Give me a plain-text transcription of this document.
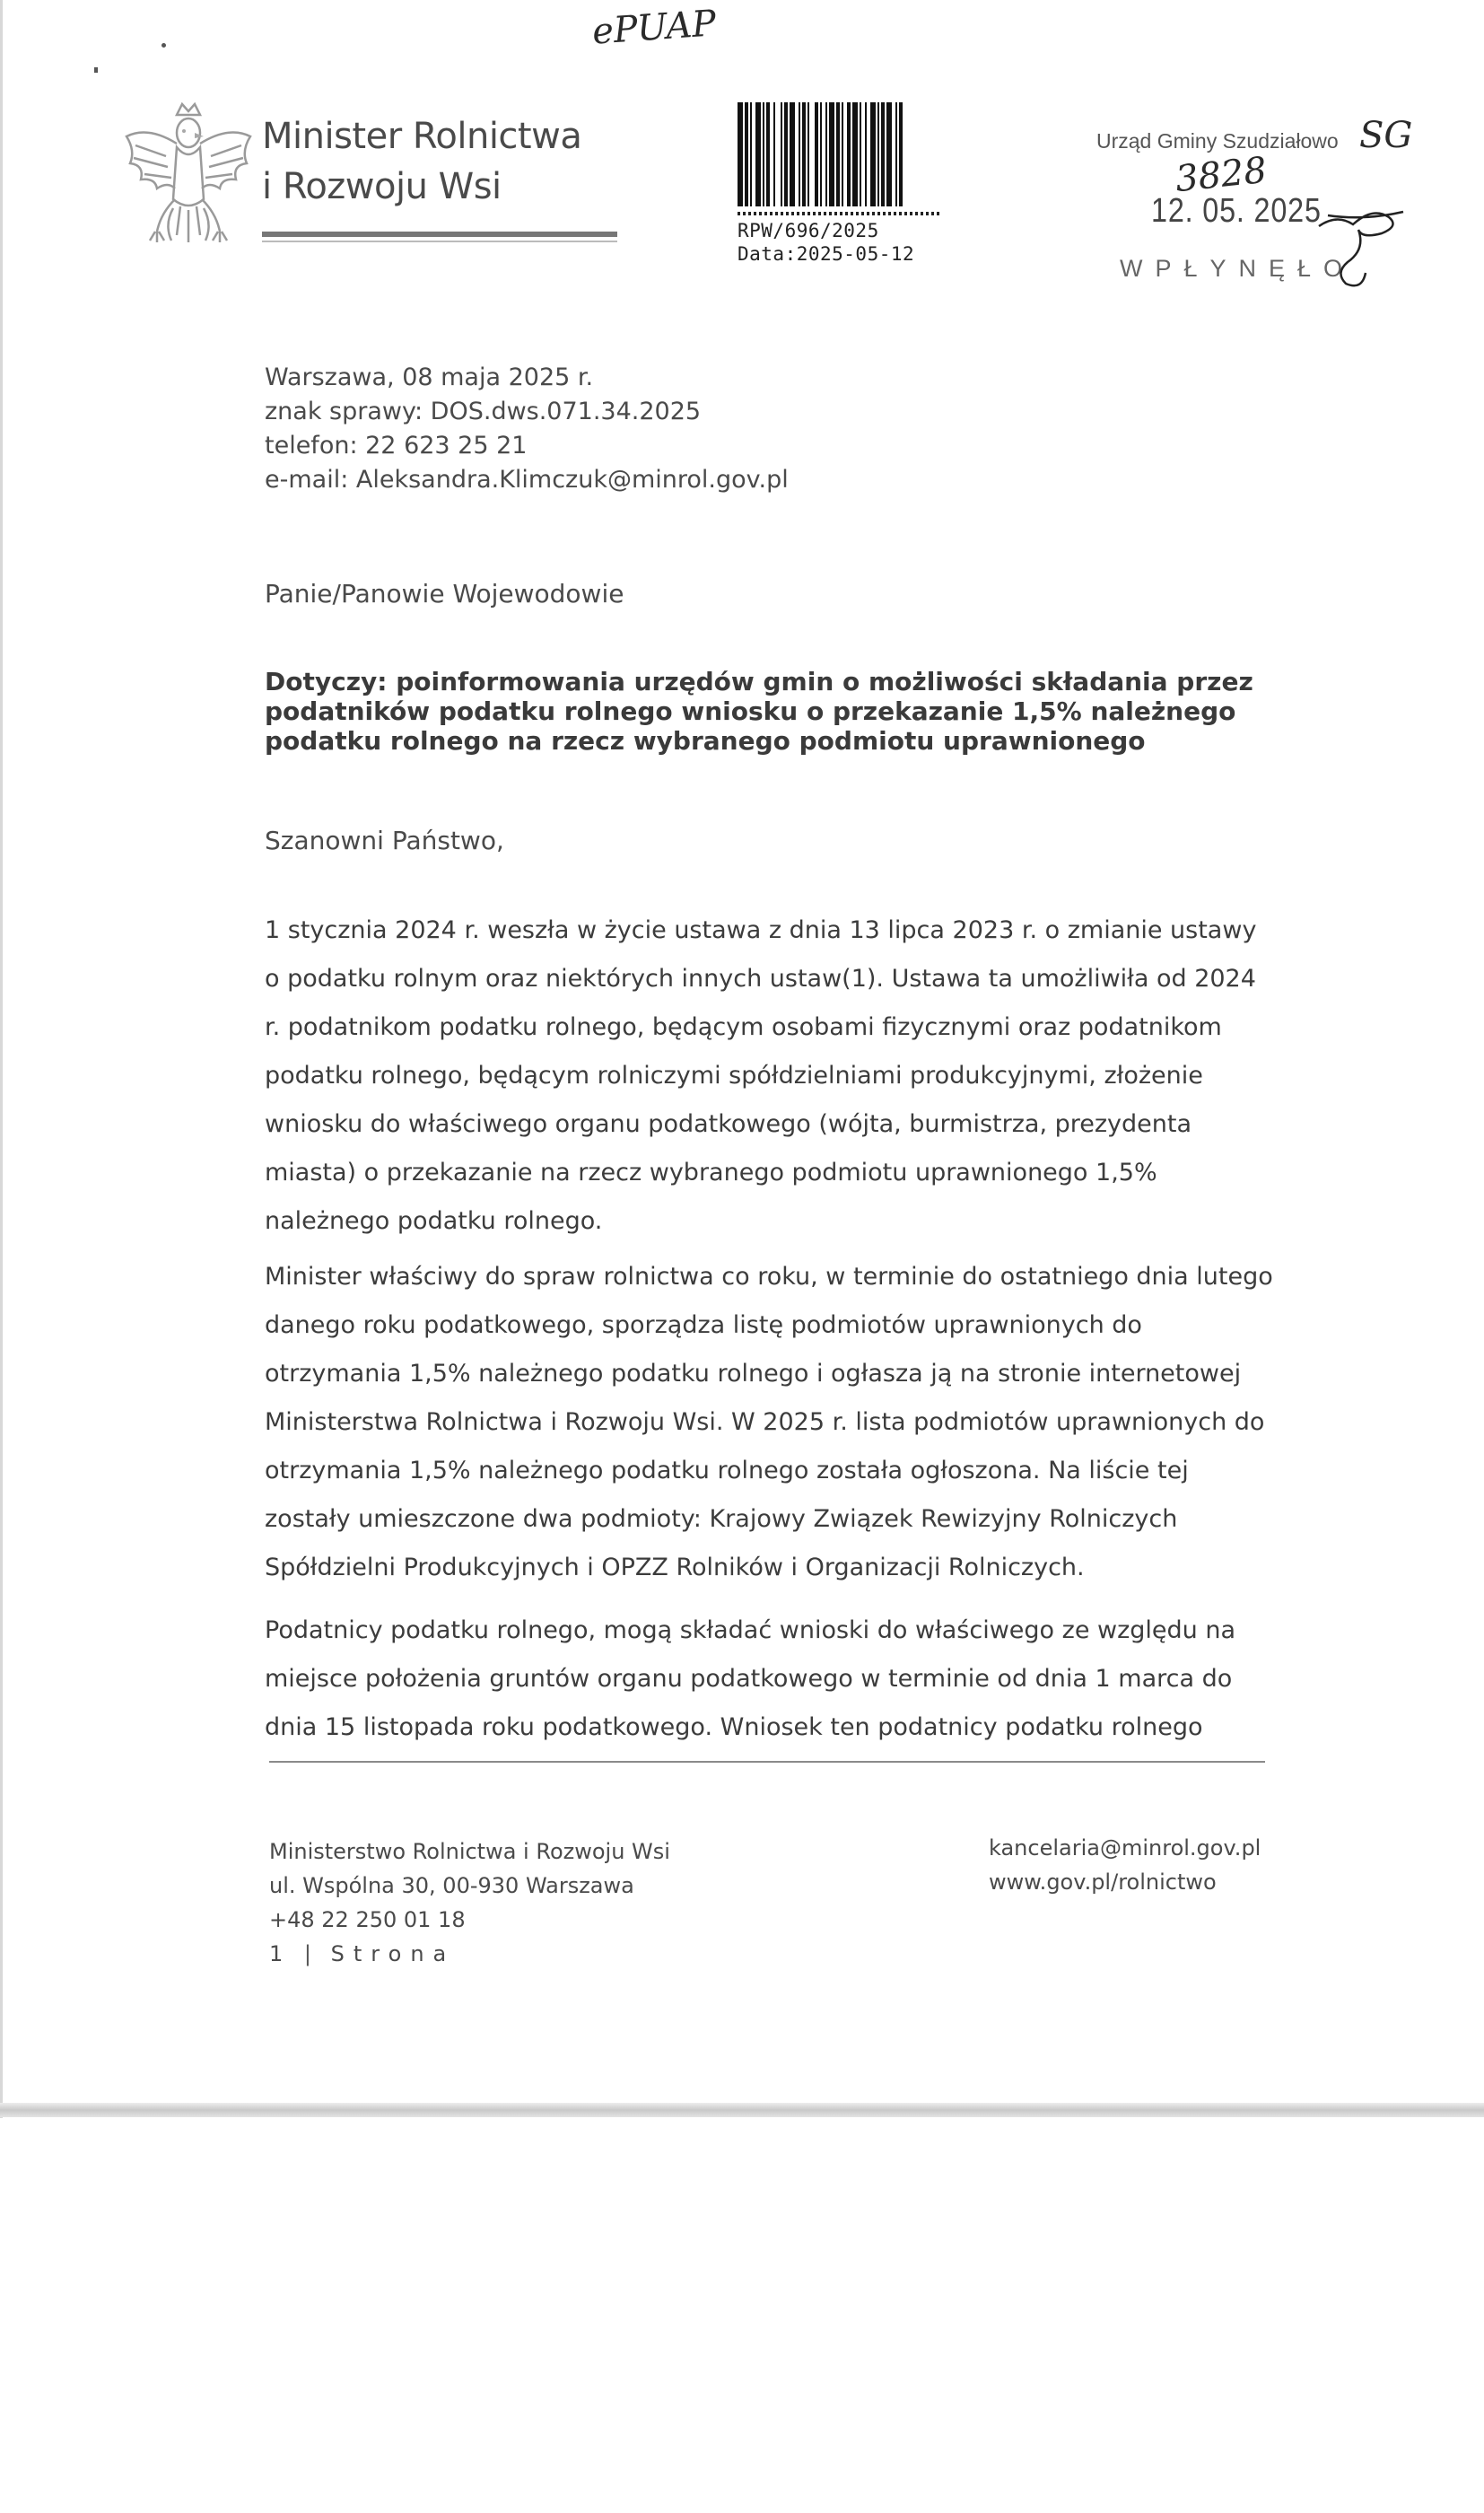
ePUAP
Minister Rolnictwa
i Rozwoju Wsi
RPW/696/2025
Data:2025-05-12
Urząd Gminy Szudziałowo SG
3828
12. 05. 2025
WPŁYNĘŁO
Warszawa, 08 maja 2025 r.
znak sprawy: DOS.dws.071.34.2025
telefon: 22 623 25 21
e-mail: Aleksandra.Klimczuk@minrol.gov.pl
Panie/Panowie Wojewodowie
Dotyczy: poinformowania urzędów gmin o możliwości składania przez podatników podatku rolnego wniosku o przekazanie 1,5% należnego podatku rolnego na rzecz wybranego podmiotu uprawnionego
Szanowni Państwo,
1 stycznia 2024 r. weszła w życie ustawa z dnia 13 lipca 2023 r. o zmianie ustawy o podatku rolnym oraz niektórych innych ustaw(1). Ustawa ta umożliwiła od 2024 r. podatnikom podatku rolnego, będącym osobami fizycznymi oraz podatnikom podatku rolnego, będącym rolniczymi spółdzielniami produkcyjnymi, złożenie wniosku do właściwego organu podatkowego (wójta, burmistrza, prezydenta miasta) o przekazanie na rzecz wybranego podmiotu uprawnionego 1,5% należnego podatku rolnego.
Minister właściwy do spraw rolnictwa co roku, w terminie do ostatniego dnia lutego danego roku podatkowego, sporządza listę podmiotów uprawnionych do otrzymania 1,5% należnego podatku rolnego i ogłasza ją na stronie internetowej Ministerstwa Rolnictwa i Rozwoju Wsi. W 2025 r. lista podmiotów uprawnionych do otrzymania 1,5% należnego podatku rolnego została ogłoszona. Na liście tej zostały umieszczone dwa podmioty: Krajowy Związek Rewizyjny Rolniczych Spółdzielni Produkcyjnych i OPZZ Rolników i Organizacji Rolniczych.
Podatnicy podatku rolnego, mogą składać wnioski do właściwego ze względu na miejsce położenia gruntów organu podatkowego w terminie od dnia 1 marca do dnia 15 listopada roku podatkowego. Wniosek ten podatnicy podatku rolnego
Ministerstwo Rolnictwa i Rozwoju Wsi
ul. Wspólna 30, 00-930 Warszawa
+48 22 250 01 18
1 | Strona
kancelaria@minrol.gov.pl
www.gov.pl/rolnictwo
